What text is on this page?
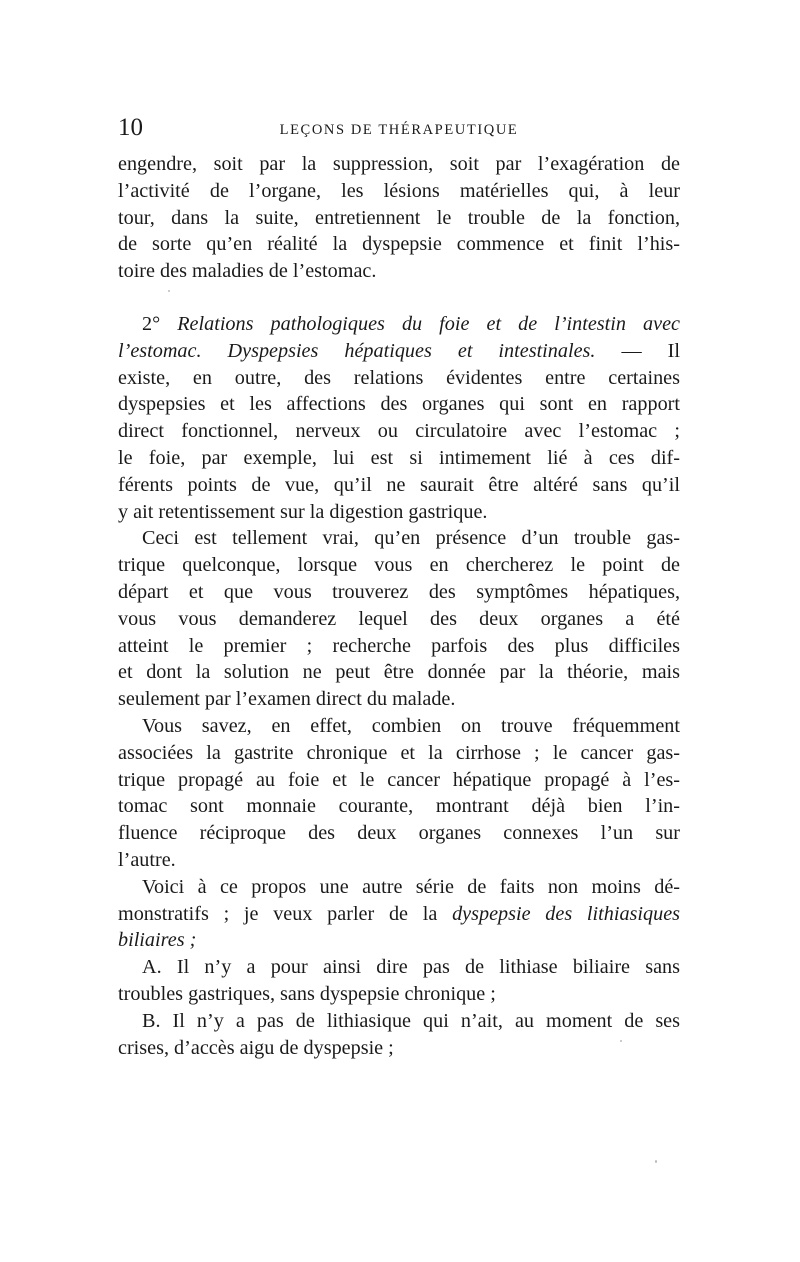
10	LEÇONS DE THÉRAPEUTIQUE

engendre, soit par la suppression, soit par l’exagération de
l’activité de l’organe, les lésions matérielles qui, à leur
tour, dans la suite, entretiennent le trouble de la fonction,
de sorte qu’en réalité la dyspepsie commence et finit l’his-
toire des maladies de l’estomac.

2° Relations pathologiques du foie et de l’intestin avec
l’estomac. Dyspepsies hépatiques et intestinales. — Il
existe, en outre, des relations évidentes entre certaines
dyspepsies et les affections des organes qui sont en rapport
direct fonctionnel, nerveux ou circulatoire avec l’estomac ;
le foie, par exemple, lui est si intimement lié à ces dif-
férents points de vue, qu’il ne saurait être altéré sans qu’il
y ait retentissement sur la digestion gastrique.

Ceci est tellement vrai, qu’en présence d’un trouble gas-
trique quelconque, lorsque vous en chercherez le point de
départ et que vous trouverez des symptômes hépatiques,
vous vous demanderez lequel des deux organes a été
atteint le premier ; recherche parfois des plus difficiles
et dont la solution ne peut être donnée par la théorie, mais
seulement par l’examen direct du malade.

Vous savez, en effet, combien on trouve fréquemment
associées la gastrite chronique et la cirrhose ; le cancer gas-
trique propagé au foie et le cancer hépatique propagé à l’es-
tomac sont monnaie courante, montrant déjà bien l’in-
fluence réciproque des deux organes connexes l’un sur
l’autre.

Voici à ce propos une autre série de faits non moins dé-
monstratifs ; je veux parler de la dyspepsie des lithiasiques
biliaires ;

A. Il n’y a pour ainsi dire pas de lithiase biliaire sans
troubles gastriques, sans dyspepsie chronique ;

B. Il n’y a pas de lithiasique qui n’ait, au moment de ses
crises, d’accès aigu de dyspepsie ;
